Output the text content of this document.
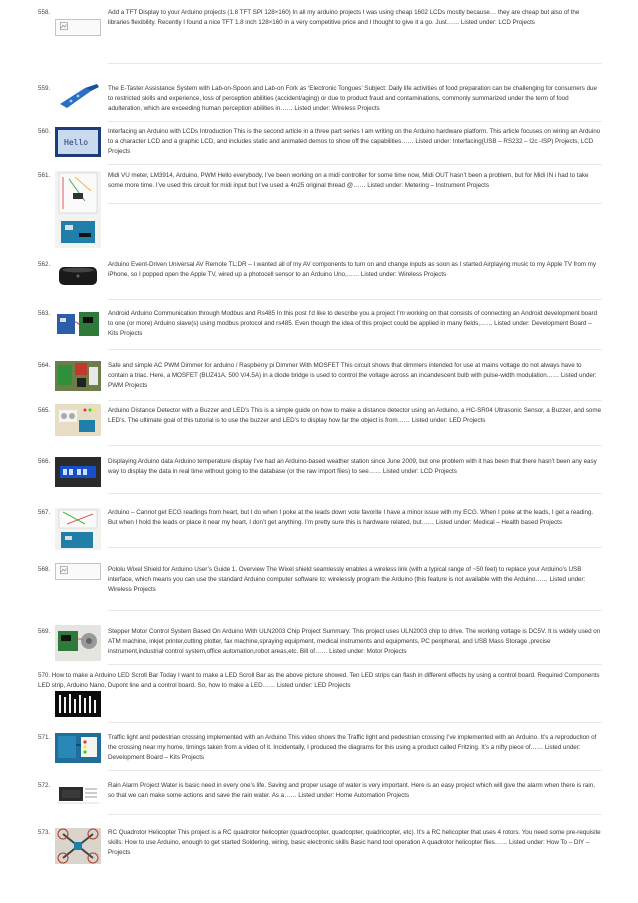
558.	Add a TFT Display to your Arduino projects (1.8 TFT SPI 128×160) In all my arduino projects I was using cheap 1602 LCDs mostly because… they are cheap but also of the libraries flexibility. Recently I found a nice TFT 1.8 inch 128×160 in a very competitive price and I thought to give it a go. Just…… Listed under: LCD Projects

559.	The E-Taster Assistance System with Lab-on-Spoon and Lab-on Fork as ‘Electronic Tongues’ Subject: Daily life activities of food preparation can be challenging for consumers due to restricted skills and experience, loss of perception abilities (accident/aging) or due to product fraud and contaminations, commonly summarized under the term of food adulteration, which are exceeding human perception abilities in…… Listed under: Wireless Projects

560.
Hello

Interfacing an Arduino with LCDs Introduction This is the second article in a three part series I am writing on the Arduino hardware platform. This article focuses on wiring an Arduino to a character LCD and a graphic LCD, and includes static and animated demos to show off the capabilities…… Listed under: Interfacing(USB – RS232 – I2c -ISP) Projects, LCD Projects

561.	Midi VU meter, LM3914, Arduino, PWM Hello everybody, I’ve been working on a midi controller for some time now, Midi OUT hasn’t been a problem, but for Midi IN i had to take some more time. I’ve used this circuit for midi input but I’ve used a 4n25 original thread @…… Listed under: Metering – Instrument Projects

562.	Arduino Event-Driven Universal AV Remote TL;DR – I wanted all of my AV components to turn on and change inputs as soon as I started Airplaying music to my Apple TV from my iPhone, so I popped open the Apple TV, wired up a photocell sensor to an Arduino Uno,…… Listed under: Wireless Projects

563.	Android Arduino Communication through Modbus and Rs485 In this post I’d like to describe you a project I’m working on that consists of connecting an Android development board to one (or more) Arduino slave(s) using modbus protocol and rs485. Even though the idea of this project could be applied in many fields,…… Listed under: Development Board – Kits Projects

564.	Safe and simple AC PWM Dimmer for arduino / Raspberry pi Dimmer With MOSFET This circuit shows that dimmers intended for use at mains voltage do not always have to contain a triac. Here, a MOSFET (BUZ41A, 500 V/4.5A) in a diode bridge is used to control the voltage across an incandescent bulb with pulse-width modulation…… Listed under: PWM Projects

565.	Arduino Distance Detector with a Buzzer and LED’s This is a simple guide on how to make a distance detector using an Arduino, a HC-SR04 Ultrasonic Sensor, a Buzzer, and some LED’s. The ultimate goal of this tutorial is to use the buzzer and LED’s to display how far the object is from…… Listed under: LED Projects

566.	Displaying Arduino data Arduino temperature display I’ve had an Arduino-based weather station since June 2009, but one problem with it has been that there hasn’t been any easy way to display the data in real time without going to the database (or the raw import files) to see…… Listed under: LCD Projects

567.	Arduino – Cannot get ECG readings from heart, but I do when I poke at the leads down vote favorite I have a minor issue with my ECG. When I poke at the leads, I get a reading. But when I hold the leads or place it near my heart, I don’t get anything. I’m pretty sure this is hardware related, but…… Listed under: Medical – Health based Projects

568.	Pololu Wixel Shield for Arduino User’s Guide 1. Overview The Wixel shield seamlessly enables a wireless link (with a typical range of ~50 feet) to replace your Arduino’s USB interface, which means you can use the standard Arduino computer software to: wirelessly program the Arduino (this feature is not available with the Arduino…… Listed under: Wireless Projects

569.	Stepper Motor Control System Based On Arduino With ULN2003 Chip Project Summary: This project uses ULN2003 chip to drive. The working voltage is DC5V. It is widely used on ATM machine, inkjet printer,cutting plotter, fax machine,spraying equipment, medical instruments and equipments, PC peripheral, and USB Mass Storage ,precise instrument,industrial control system,office automation,robot areas,etc. Bill of…… Listed under: Motor Projects

570. How to make a Arduino LED Scroll Bar Today I want to make a LED Scroll Bar as the above picture showed. Ten LED strips can flash in different effects by using a control board. Required Components LED strip, Arduino Nano, Dupont line and a control board. So, how to make a LED…… Listed under: LED Projects

571.	Traffic light and pedestrian crossing implemented with an Arduino This video shows the Traffic light and pedestrian crossing I’ve implemented with an Arduino. It’s a reproduction of the crossing near my home, timings taken from a video of it. Incidentally, I produced the diagrams for this using a product called Fritzing. It’s a nifty piece of…… Listed under: Development Board – Kits Projects

572.	Rain Alarm Project Water is basic need in every one’s life. Saving and proper usage of water is very important. Here is an easy project which will give the alarm when there is rain, so that we can make some actions and save the rain water. As a…… Listed under: Home Automation Projects

573.	RC Quadrotor Helicopter This project is a RC quadrotor helicopter (quadrocopter, quadcopter, quadricopter, etc). It’s a RC helicopter that uses 4 rotors. You need some pre-requisite skills: How to use Arduino, enough to get started Soldering, wiring, basic electronic skills Basic hand tool operation A quadrotor helicopter flies…… Listed under: How To – DIY – Projects
